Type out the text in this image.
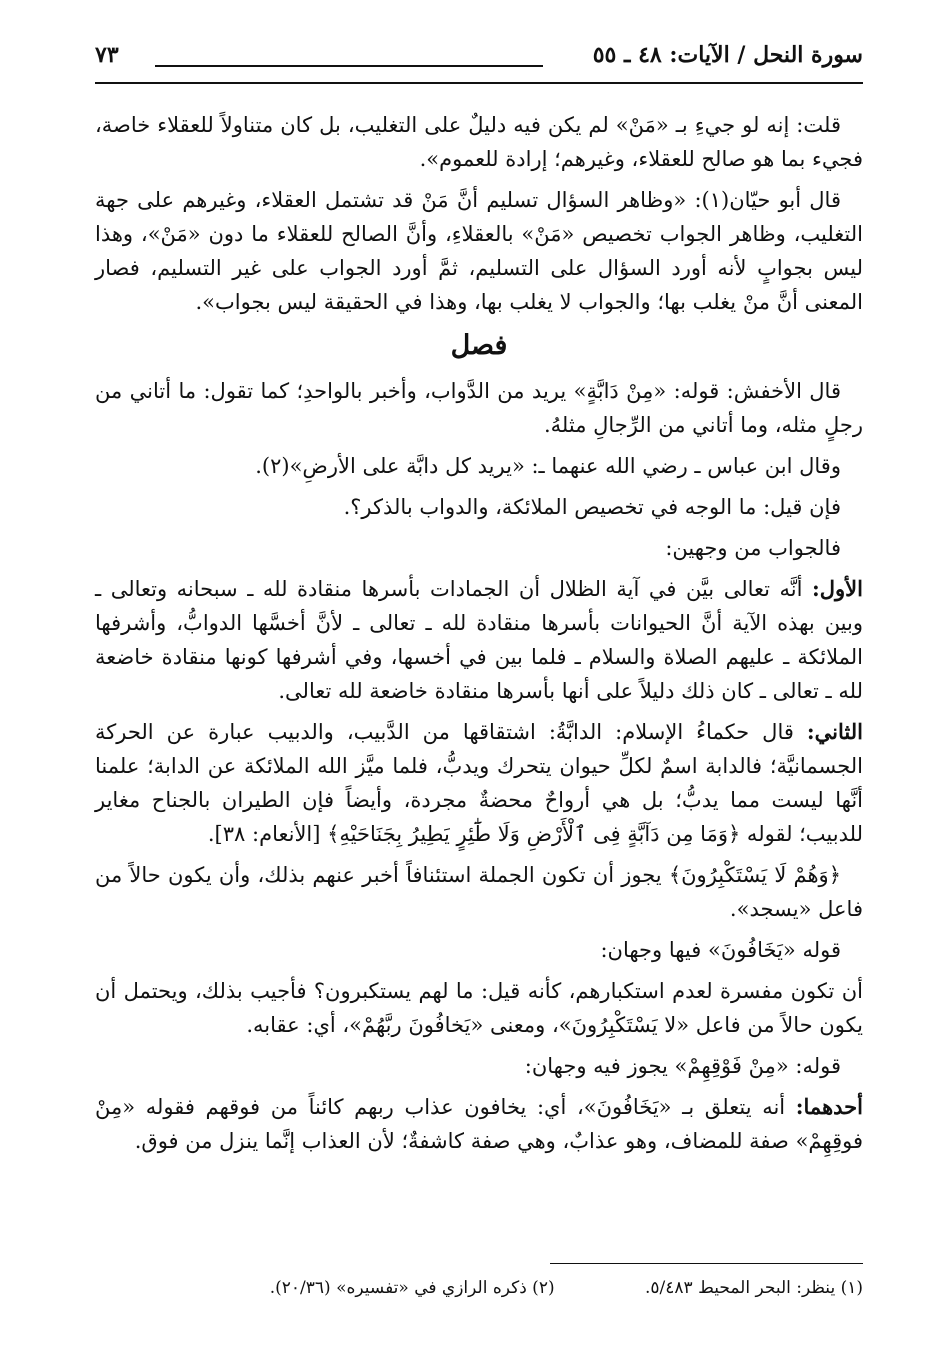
سورة النحل / الآيات: ٤٨ ـ ٥٥
٧٣

قلت: إنه لو جيءِ بـ «مَنْ» لم يكن فيه دليلٌ على التغليب، بل كان متناولاً للعقلاء خاصة، فجيء بما هو صالح للعقلاء، وغيرهم؛ إرادة للعموم».

قال أبو حيّان(١): «وظاهر السؤال تسليم أنَّ مَنْ قد تشتمل العقلاء، وغيرهم على جهة التغليب، وظاهر الجواب تخصيص «مَنْ» بالعقلاءِ، وأنَّ الصالح للعقلاء ما دون «مَنْ»، وهذا ليس بجوابٍ لأنه أورد السؤال على التسليم، ثمَّ أورد الجواب على غير التسليم، فصار المعنى أنَّ منْ يغلب بها؛ والجواب لا يغلب بها، وهذا في الحقيقة ليس بجواب».

فصل

قال الأخفش: قوله: «مِنْ دَابَّةٍ» يريد من الدَّواب، وأخبر بالواحدِ؛ كما تقول: ما أتاني من رجلٍ مثله، وما أتاني من الرِّجالِ مثلهُ.

وقال ابن عباس ـ رضي الله عنهما ـ: «يريد كل دابَّة على الأرضِ»(٢).

فإن قيل: ما الوجه في تخصيص الملائكة، والدواب بالذكر؟.

فالجواب من وجهين:

الأول: أنَّه تعالى بيَّن في آية الظلال أن الجمادات بأسرها منقادة لله ـ سبحانه وتعالى ـ وبين بهذه الآية أنَّ الحيوانات بأسرها منقادة لله ـ تعالى ـ لأنَّ أخسَّها الدوابُّ، وأشرفها الملائكة ـ عليهم الصلاة والسلام ـ فلما بين في أخسها، وفي أشرفها كونها منقادة خاضعة لله ـ تعالى ـ كان ذلك دليلاً على أنها بأسرها منقادة خاضعة لله تعالى.

الثاني: قال حكماءُ الإسلام: الدابَّةُ: اشتقاقها من الدَّبيب، والدبيب عبارة عن الحركة الجسمانيَّة؛ فالدابة اسمٌ لكلِّ حيوان يتحرك ويدبُّ، فلما ميَّز الله الملائكة عن الدابة؛ علمنا أنَّها ليست مما يدبُّ؛ بل هي أرواحٌ محضةٌ مجردة، وأيضاً فإن الطيران بالجناح مغاير للدبيب؛ لقوله ﴿وَمَا مِن دَآبَّةٍ فِى ٱلْأَرْضِ وَلَا طَٰٓئِرٍ يَطِيرُ بِجَنَاحَيْهِ﴾ [الأنعام: ٣٨].

﴿وَهُمْ لَا يَسْتَكْبِرُونَ﴾ يجوز أن تكون الجملة استئنافاً أخبر عنهم بذلك، وأن يكون حالاً من فاعل «يسجد».

قوله «يَخَافُونَ» فيها وجهان:

أن تكون مفسرة لعدم استكبارهم، كأنه قيل: ما لهم يستكبرون؟ فأجيب بذلك، ويحتمل أن يكون حالاً من فاعل «لا يَسْتَكْبِرُونَ»، ومعنى «يَخافُونَ ربَّهُمْ»، أي: عقابه.

قوله: «مِنْ فَوْقِهِمْ» يجوز فيه وجهان:

أحدهما: أنه يتعلق بـ «يَخَافُونَ»، أي: يخافون عذاب ربهم كائناً من فوقهم فقوله «مِنْ فوقِهِمْ» صفة للمضاف، وهو عذابٌ، وهي صفة كاشفةٌ؛ لأن العذاب إنَّما ينزل من فوق.

(١) ينظر: البحر المحيط ٥/٤٨٣. (٢) ذكره الرازي في «تفسيره» (٢٠/٣٦).
